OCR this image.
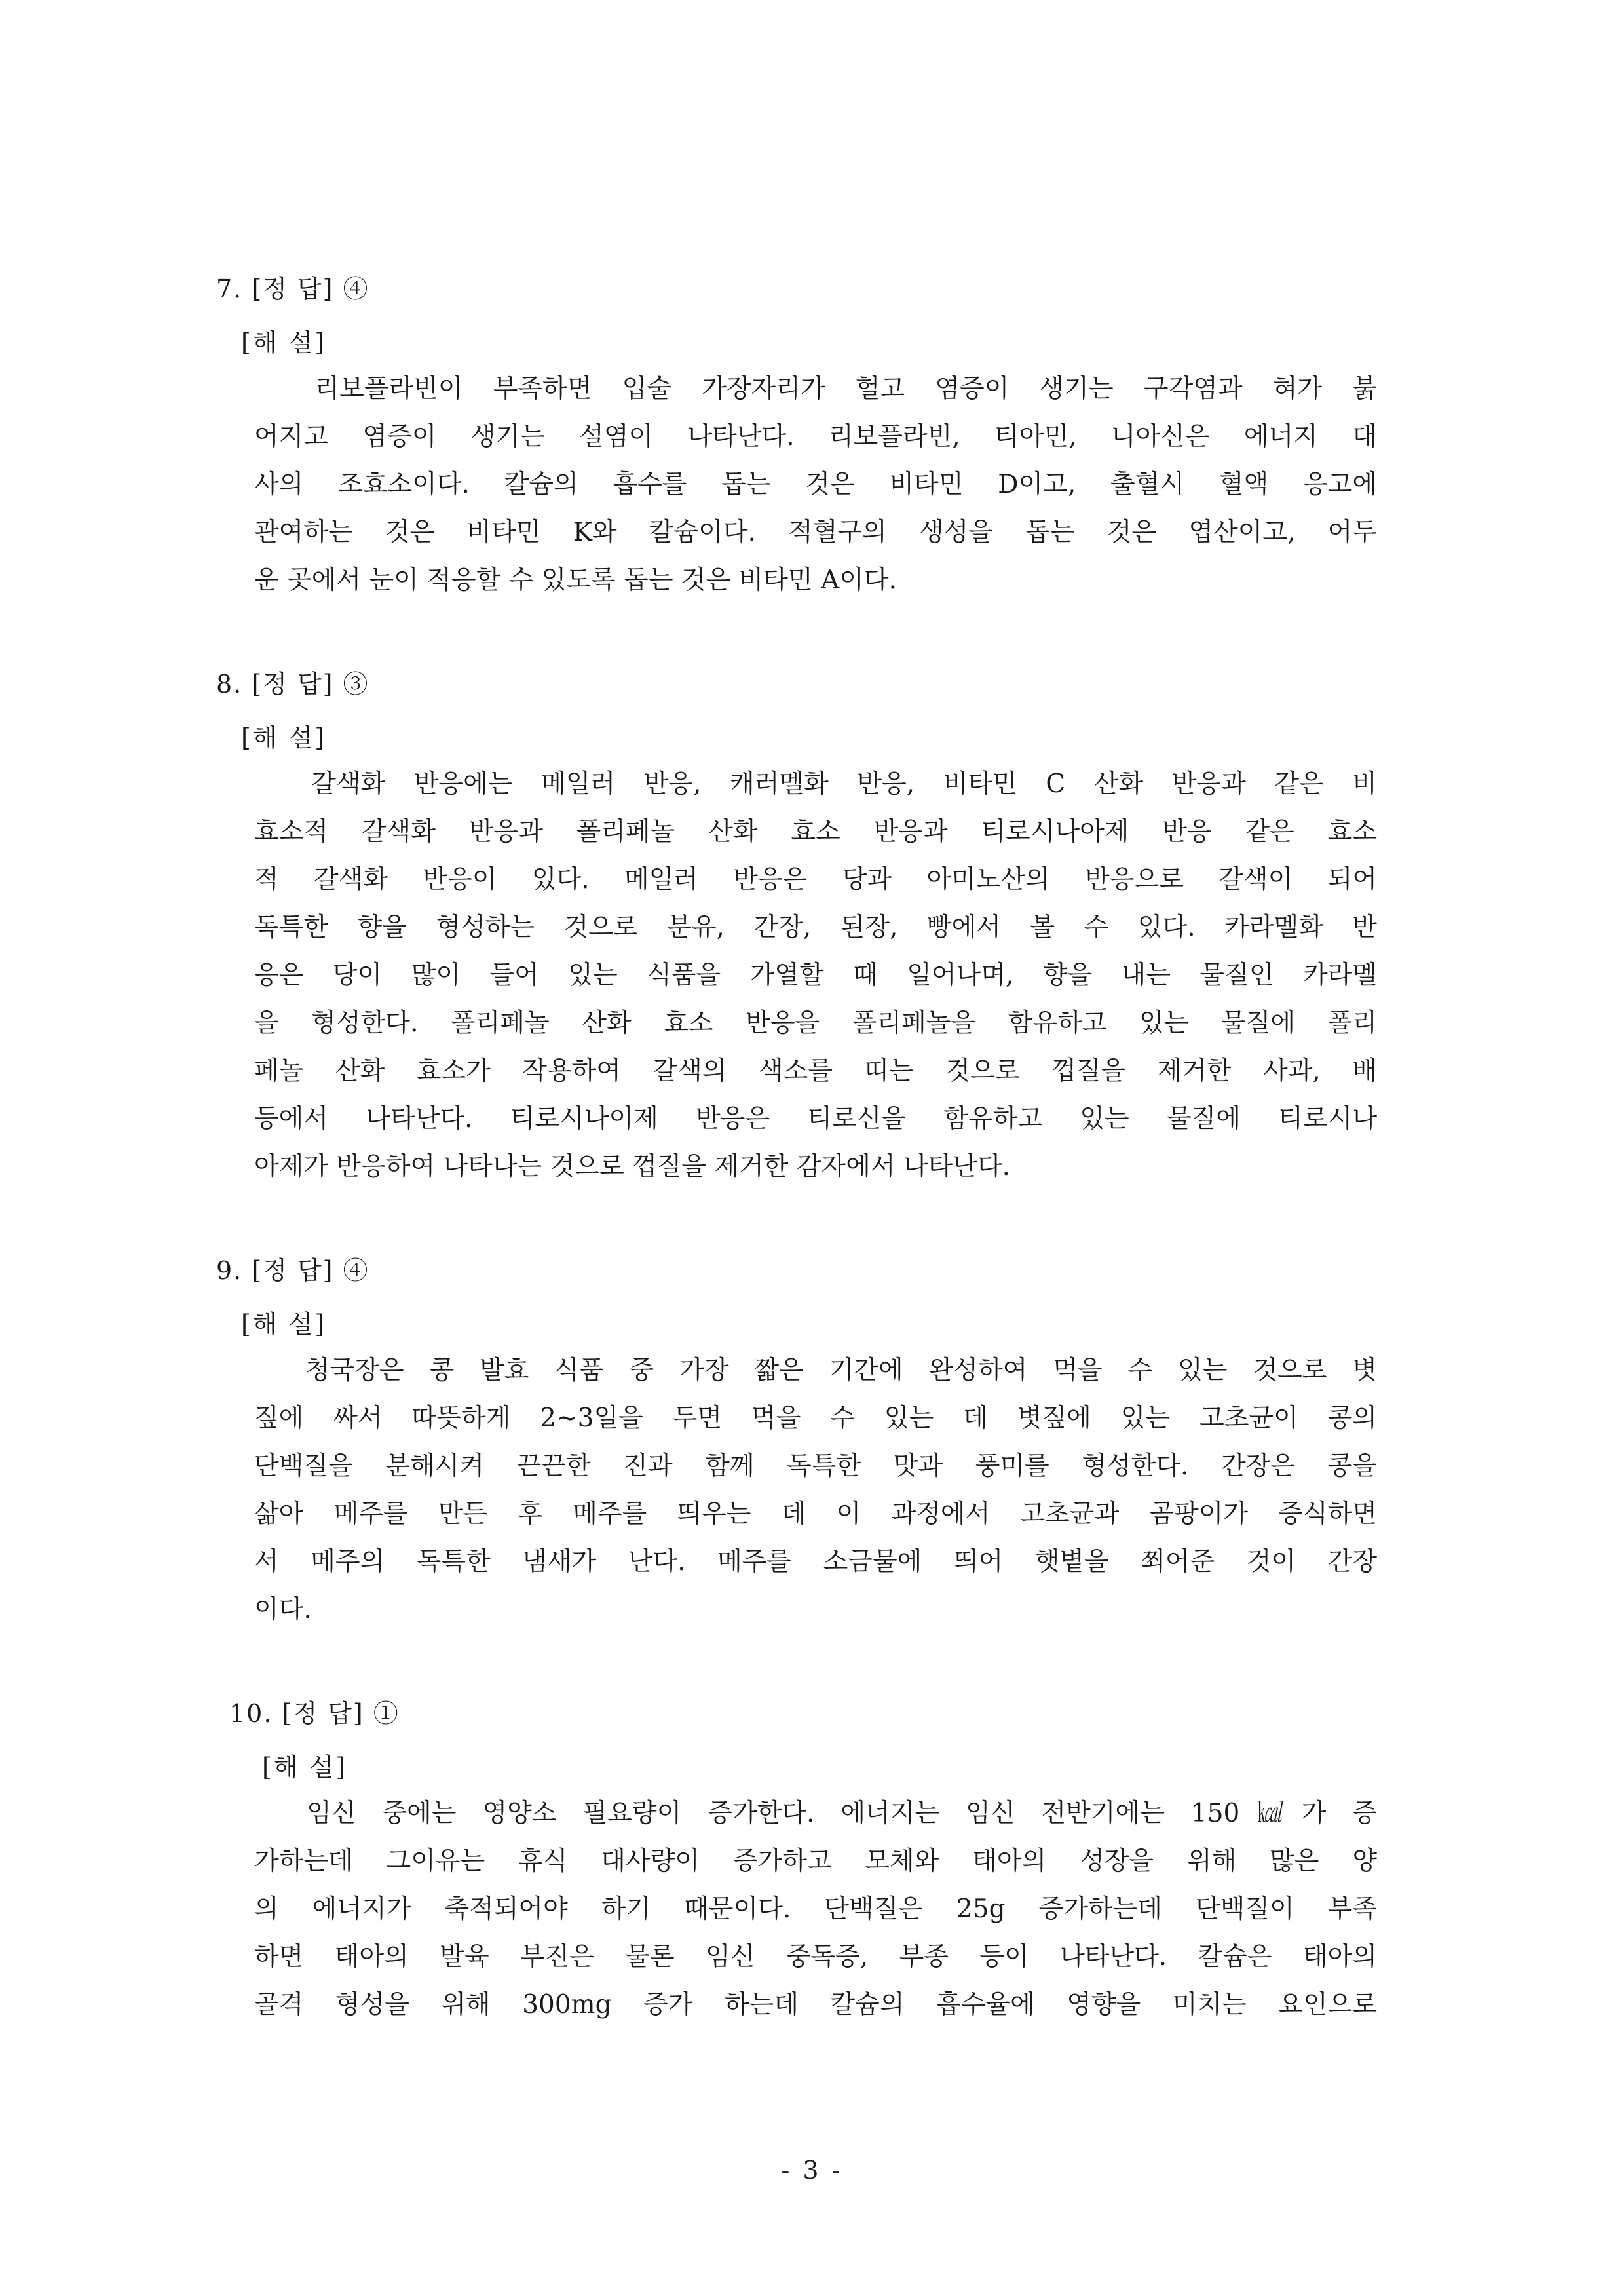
7. [정 답] ④
[해 설]
리보플라빈이 부족하면 입술 가장자리가 헐고 염증이 생기는 구각염과 혀가 붉
어지고 염증이 생기는 설염이 나타난다. 리보플라빈, 티아민, 니아신은 에너지 대
사의 조효소이다. 칼슘의 흡수를 돕는 것은 비타민 D이고, 출혈시 혈액 응고에
관여하는 것은 비타민 K와 칼슘이다. 적혈구의 생성을 돕는 것은 엽산이고, 어두
운 곳에서 눈이 적응할 수 있도록 돕는 것은 비타민 A이다.
8. [정 답] ③
[해 설]
갈색화 반응에는 메일러 반응, 캐러멜화 반응, 비타민 C 산화 반응과 같은 비
효소적 갈색화 반응과 폴리페놀 산화 효소 반응과 티로시나아제 반응 같은 효소
적 갈색화 반응이 있다. 메일러 반응은 당과 아미노산의 반응으로 갈색이 되어
독특한 향을 형성하는 것으로 분유, 간장, 된장, 빵에서 볼 수 있다. 카라멜화 반
응은 당이 많이 들어 있는 식품을 가열할 때 일어나며, 향을 내는 물질인 카라멜
을 형성한다. 폴리페놀 산화 효소 반응을 폴리페놀을 함유하고 있는 물질에 폴리
페놀 산화 효소가 작용하여 갈색의 색소를 띠는 것으로 껍질을 제거한 사과, 배
등에서 나타난다. 티로시나이제 반응은 티로신을 함유하고 있는 물질에 티로시나
아제가 반응하여 나타나는 것으로 껍질을 제거한 감자에서 나타난다.
9. [정 답] ④
[해 설]
청국장은 콩 발효 식품 중 가장 짧은 기간에 완성하여 먹을 수 있는 것으로 볏
짚에 싸서 따뜻하게 2~3일을 두면 먹을 수 있는 데 볏짚에 있는 고초균이 콩의
단백질을 분해시켜 끈끈한 진과 함께 독특한 맛과 풍미를 형성한다. 간장은 콩을
삶아 메주를 만든 후 메주를 띄우는 데 이 과정에서 고초균과 곰팡이가 증식하면
서 메주의 독특한 냄새가 난다. 메주를 소금물에 띄어 햇볕을 쬐어준 것이 간장
이다.
10. [정 답] ①
[해 설]
임신 중에는 영양소 필요량이 증가한다. 에너지는 임신 전반기에는 150㎉가 증
가하는데 그이유는 휴식 대사량이 증가하고 모체와 태아의 성장을 위해 많은 양
의 에너지가 축적되어야 하기 때문이다. 단백질은 25g 증가하는데 단백질이 부족
하면 태아의 발육 부진은 물론 임신 중독증, 부종 등이 나타난다. 칼슘은 태아의
골격 형성을 위해 300mg 증가 하는데 칼슘의 흡수율에 영향을 미치는 요인으로
- 3 -
